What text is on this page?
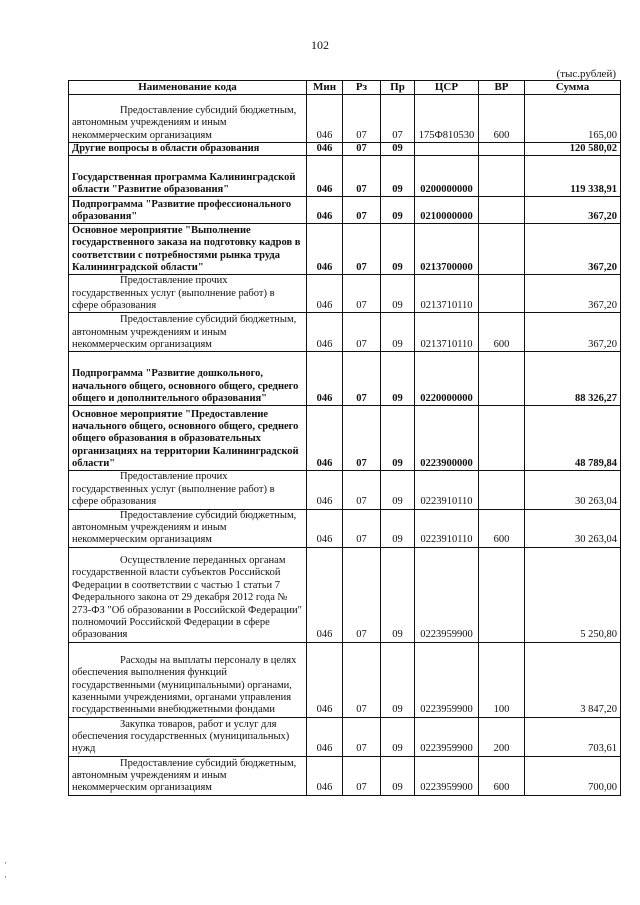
102
(тыс.рублей)
Наименование кода	Мин	Рз	Пр	ЦСР	ВР	Сумма
Предоставление субсидий бюджетным, автономным учреждениям и иным некоммерческим организациям	046	07	07	175Ф810530	600	165,00
Другие вопросы в области образования	046	07	09			120 580,02
Государственная программа Калининградской области "Развитие образования"	046	07	09	0200000000		119 338,91
Подпрограмма "Развитие профессионального образования"	046	07	09	0210000000		367,20
Основное мероприятие "Выполнение государственного заказа на подготовку кадров в соответствии с потребностями рынка труда Калининградской области"	046	07	09	0213700000		367,20
Предоставление прочих государственных услуг (выполнение работ) в сфере образования	046	07	09	0213710110		367,20
Предоставление субсидий бюджетным, автономным учреждениям и иным некоммерческим организациям	046	07	09	0213710110	600	367,20
Подпрограмма "Развитие дошкольного, начального общего, основного общего, среднего общего и дополнительного образования"	046	07	09	0220000000		88 326,27
Основное мероприятие "Предоставление начального общего, основного общего, среднего общего образования в образовательных организациях на территории Калининградской области"	046	07	09	0223900000		48 789,84
Предоставление прочих государственных услуг (выполнение работ) в сфере образования	046	07	09	0223910110		30 263,04
Предоставление субсидий бюджетным, автономным учреждениям и иным некоммерческим организациям	046	07	09	0223910110	600	30 263,04
Осуществление переданных органам государственной власти субъектов Российской Федерации в соответствии с частью 1 статьи 7 Федерального закона от 29 декабря 2012 года № 273-ФЗ "Об образовании в Российской Федерации" полномочий Российской Федерации в сфере образования	046	07	09	0223959900		5 250,80
Расходы на выплаты персоналу в целях обеспечения выполнения функций государственными (муниципальными) органами, казенными учреждениями, органами управления государственными внебюджетными фондами	046	07	09	0223959900	100	3 847,20
Закупка товаров, работ и услуг для обеспечения государственных (муниципальных) нужд	046	07	09	0223959900	200	703,61
Предоставление субсидий бюджетным, автономным учреждениям и иным некоммерческим организациям	046	07	09	0223959900	600	700,00
·
·
